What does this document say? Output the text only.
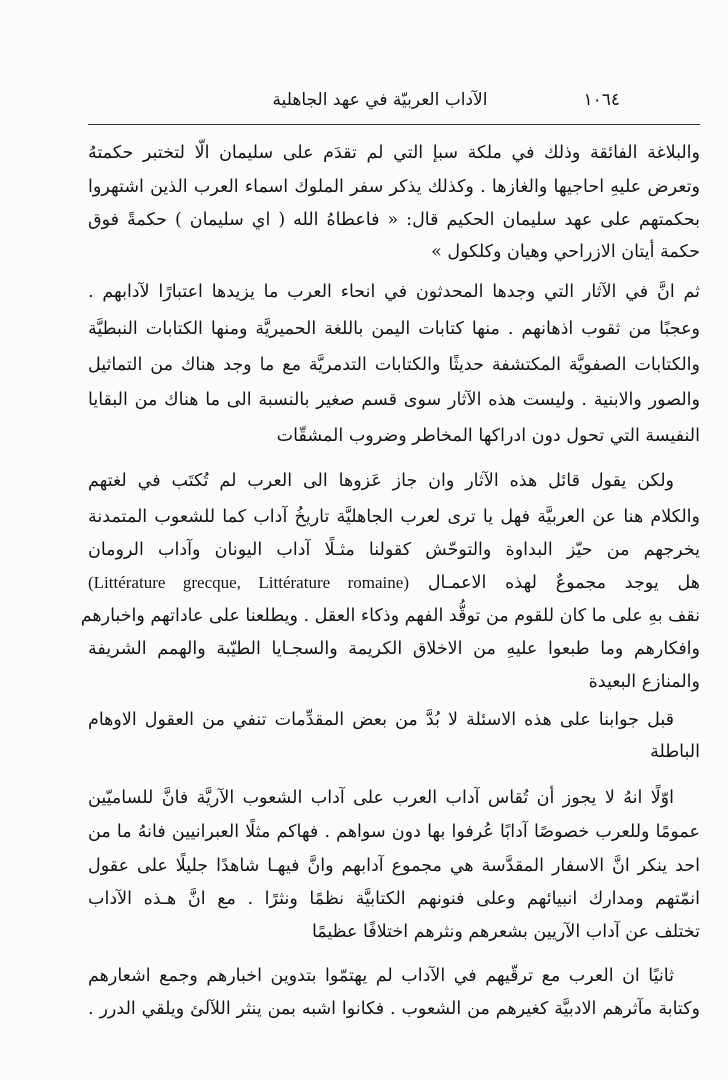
١٠٦٤
الآداب العربيّة في عهد الجاهلية
والبلاغة الفائقة وذلك في ملكة سبإ التي لم تقدَم على سليمان الّا لتختبر حكمتهُ
وتعرض عليهِ احاجيها والغازها . وكذلك يذكر سفر الملوك اسماء العرب الذين اشتهروا
بحكمتهم على عهد سليمان الحكيم قال: « فاعطاهُ الله ( اي سليمان ) حكمةً فوق
حكمة أيتان الازراحي وهيان وكلكول »
ثم انَّ في الآثار التي وجدها المحدثون في انحاء العرب ما يزيدها اعتبارًا لآدابهم .
وعجبًا من ثقوب اذهانهم . منها كتابات اليمن باللغة الحميريَّة ومنها الكتابات النبطيَّة
والكتابات الصفويَّة المكتشفة حديثًا والكتابات التدمريَّة مع ما وجد هناك من التماثيل
والصور والابنية . وليست هذه الآثار سوى قسم صغير بالنسبة الى ما هناك من البقايا
النفيسة التي تحول دون ادراكها المخاطر وضروب المشقّات
ولكن يقول قائل هذه الآثار وان جاز عَزوها الى العرب لم تُكتَب في لغتهم
والكلام هنا عن العربيَّة فهل يا ترى لعرب الجاهليَّة تاريخُ آداب كما للشعوب المتمدنة
يخرجهم من حيّز البداوة والتوحّش كقولنا مثـلًا آداب اليونان وآداب الرومان
هل يوجد مجموعٌ لهذه الاعمـال (Littérature grecque, Littérature romaine)
نقف بهِ على ما كان للقوم من توقُّد الفهم وذكاء العقل . ويطلعنا على عاداتهم واخبارهم
وافكارهم وما طبعوا عليهِ من الاخلاق الكريمة والسجـايا الطيّبة والهمم الشريفة
والمنازع البعيدة
قبل جوابنا على هذه الاسئلة لا بُدَّ من بعض المقدِّمات تنفي من العقول الاوهام
الباطلة
اوّلًا انهُ لا يجوز أن تُقاس آداب العرب على آداب الشعوب الآريَّة فانَّ للساميّين
عمومًا وللعرب خصوصًا آدابًا عُرفوا بها دون سواهم . فهاكم مثلًا العبرانيين فانهُ ما من
احد ينكر انَّ الاسفار المقدَّسة هي مجموع آدابهم وانَّ فيهـا شاهدًا جليلًا على عقول
انمّتهم ومدارك انبيائهم وعلى فنونهم الكتابيَّة نظمًا ونثرًا . مع انَّ هـذه الآداب
تختلف عن آداب الآريين بشعرهم ونثرهم اختلافًا عظيمًا
ثانيًا ان العرب مع ترقّيهم في الآداب لم يهتمّوا بتدوين اخبارهم وجمع اشعارهم
وكتابة مآثرهم الادبيَّة كغيرهم من الشعوب . فكانوا اشبه بمن ينثر اللآلئ ويلقي الدرر .
